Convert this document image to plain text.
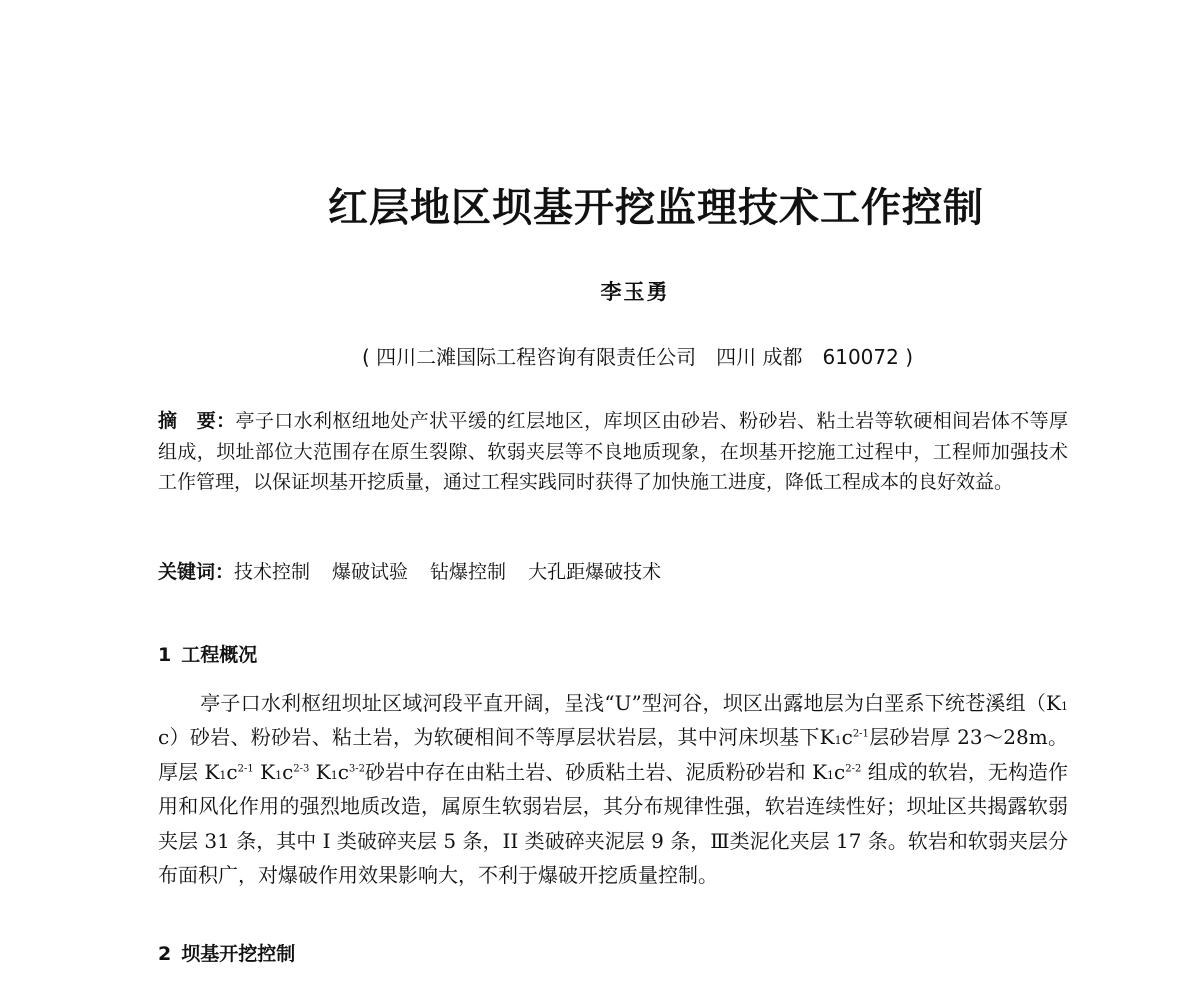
红层地区坝基开挖监理技术工作控制

李玉勇

( 四川二滩国际工程咨询有限责任公司　四川 成都　610072 )

摘　要：亭子口水利枢纽地处产状平缓的红层地区，库坝区由砂岩、粉砂岩、粘土岩等软硬相间岩体不等厚组成，坝址部位大范围存在原生裂隙、软弱夹层等不良地质现象，在坝基开挖施工过程中，工程师加强技术工作管理，以保证坝基开挖质量，通过工程实践同时获得了加快施工进度，降低工程成本的良好效益。

关键词：技术控制 爆破试验 钻爆控制 大孔距爆破技术

1 工程概况

亭子口水利枢纽坝址区域河段平直开阔，呈浅“U”型河谷，坝区出露地层为白垩系下统苍溪组（K1 c）砂岩、粉砂岩、粘土岩，为软硬相间不等厚层状岩层，其中河床坝基下$K1c^{2-1}$层砂岩厚 23～28m。厚层 $K1c^{2-1}$ $K1c^{2-3}$ $K1c^{3-2}$砂岩中存在由粘土岩、砂质粘土岩、泥质粉砂岩和 $K1c^{2-2}$ 组成的软岩，无构造作用和风化作用的强烈地质改造，属原生软弱岩层，其分布规律性强，软岩连续性好；坝址区共揭露软弱夹层 31 条，其中 I 类破碎夹层 5 条，II 类破碎夹泥层 9 条，Ⅲ类泥化夹层 17 条。软岩和软弱夹层分布面积广，对爆破作用效果影响大，不利于爆破开挖质量控制。

2 坝基开挖控制
